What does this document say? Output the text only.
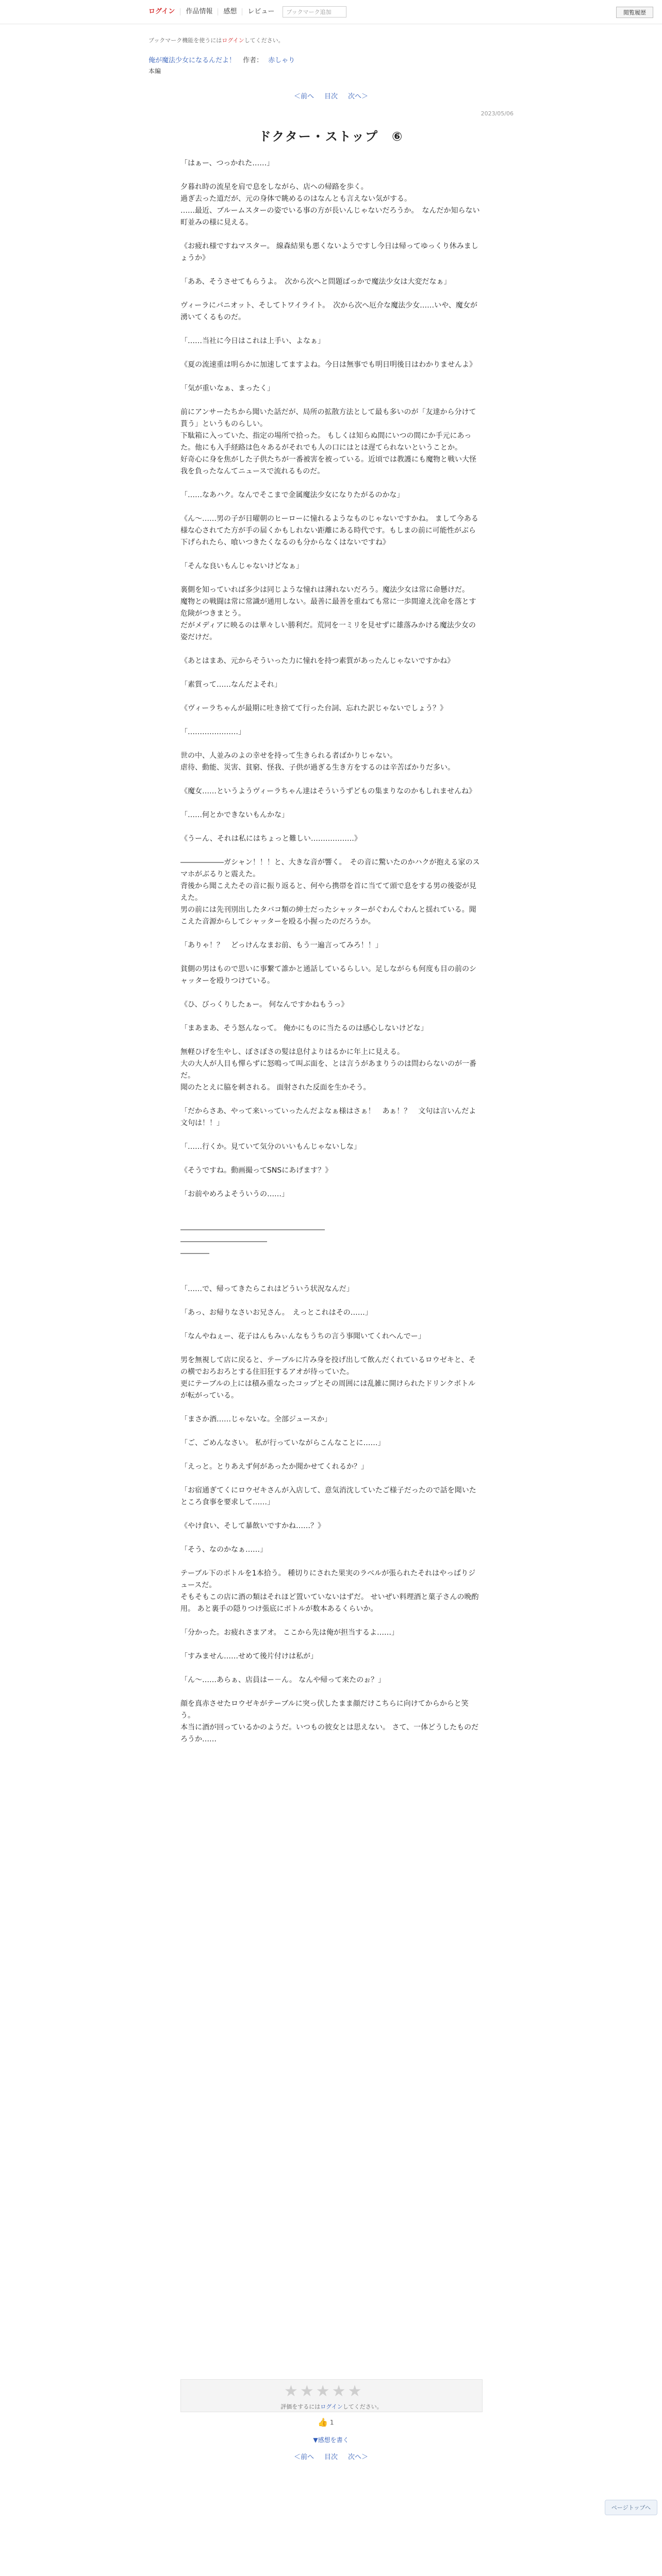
ログイン	作品情報	感想	レビュー	ブックマーク追加	閲覧履歴
ブックマーク機能を使うにはログインしてください。
俺が魔法少女になるんだよ！ 作者： 赤しゃり
本編
＜前へ 目次 次へ＞
2023/05/06
ドクター・ストップ　⑥

「はぁー、つっかれた……」

夕暮れ時の流星を肩で息をしながら、店への帰路を歩く。

過ぎ去った道だが、元の身体で眺めるのはなんとも言えない気がする。

……最近、ブルームスターの姿でいる事の方が長いんじゃないだろうか。　なんだか知らない町並みの様に見える。

《お疲れ様ですねマスター。 線森結果も悪くないようですし今日は帰ってゆっくり休みましょうか》

「ああ、そうさせてもらうよ。　次から次へと問題ばっかで魔法少女は大変だなぁ」

ヴィーラにパニオット、そしてトワイライト。　次から次へ厄介な魔法少女……いや、魔女が湧いてくるものだ。

「……当社に今日はこれは上手い、よなぁ」

《夏の流速重は明らかに加速してますよね。今日は無事でも明日明後日はわかりませんよ》

「気が重いなぁ、まったく」

前にアンサーたちから聞いた話だが、局所の拡散方法として最も多いのが「友達から分けて貰う」というものらしい。

下駄箱に入っていた、指定の場所で拾った。 もしくは知らぬ間にいつの間にか手元にあった。他にも入手経路は色々あるがそれでも人の口にはとは遅てられないということか。

好奇心に身を焦がした子供たちが一番被害を被っている。近頃では教護にも魔物と戦い大怪我を負ったなんてニュースで流れるものだ。

「……なあハク。なんでそこまで金属魔法少女になりたがるのかな」

《ん～……男の子が日曜朝のヒーローに憧れるようなものじゃないですかね。 まして今ある様な心されてた方が手の届くかもしれない距離にある時代です。もしまの前に可能性がぶら下げられたら、喰いつきたくなるのも分からなくはないですね》

「そんな良いもんじゃないけどなぁ」

裏側を知っていれば多少は同じような憧れは薄れないだろう。魔法少女は常に命懸けだ。

魔物との戦闘は常に常識が通用しない。最善に最善を重ねても常に一歩間違え沈命を落とす危険がつきまとう。

だがメディアに映るのは華々しい勝利だ。荒同を一ミリを見せずに雄落みかける魔法少女の姿だけだ。

《あとはまあ、元からそういった力に憧れを持つ素質があったんじゃないですかね》

「素質って……なんだよそれ」

《ヴィーラちゃんが最期に吐き捨てて行った台詞、忘れた訳じゃないでしょう？》

「…………………」

世の中、人並みのよの幸せを持って生きられる者ばかりじゃない。

虐待、動能、災害、貧窮、怪我、子供が過ぎる生き方をするのは辛苦ばかりだ多い。

《魔女……というようヴィーラちゃん達はそういうずどもの集まりなのかもしれませんね》

「……何とかできないもんかな」

《うーん、それは私にはちょっと難しい………………》

――――――ガシャン！！！と、大きな音が響く。　その音に驚いたのかハクが抱える家のスマホがぶるりと震えた。

背後から聞こえたその音に振り返ると、何やら携帯を首に当てて頭で息をする男の後姿が見えた。

男の前には先刊別出したタバコ類の紳士だったシャッターがぐわんぐわんと揺れている。聞こえた音源からしてシャッターを殴る小握ったのだろうか。

「ありゃ！？　どっけんなまお前、もう一遍言ってみろ！！」

貧側の男はもので思いに事繋て誰かと通話しているらしい。足しながらも何度も目の前のシャッターを殴りつけている。

《ひ、びっくりしたぁー。 何なんですかねもうっ》

「まあまあ、そう怒んなって。 俺かにものに当たるのは感心しないけどな」

無軽ひげを生やし、ぼさぼさの髪は息付よりはるかに年上に見える。

大の大人が人目も憚らずに怒鳴って叫ぶ面を、とは言うがあまりうのは問わらないのが一番だ。

聞のたとえに脇を刺される。 面射された反面を生かそう。

「だからさあ、やって来いっていったんだよなぁ様はさぁ！　あぁ！？　文句は言いんだよ文句は！！」

「……行くか。見ていて気分のいいもんじゃないしな」

《そうですね。動画撮ってSNSにあげます？》

「お前やめろよそういうの……」

――――――――――――――――――――

――――――――――――

――――

「……で、帰ってきたらこれはどういう状況なんだ」

「あっ、お帰りなさいお兄さん。　えっとこれはその……」

「なんやねぇー、花子はんもみぃんなもうちの言う事聞いてくれへんでー」

男を無視して店に戻ると、テーブルに片み身を投げ出して飲んだくれているロウゼキと、その横でおろおろとする住旧狂するアオが待っていた。

更にテーブルの上には積み重なったコップとその周囲には乱雑に開けられたドリンクボトルが転がっている。

「まさか酒……じゃないな。全部ジュースか」

「ご、ごめんなさい。 私が行っていながらこんなことに……」

「えっと。とりあえず何があったか聞かせてくれるか？」

「お宿通ぎてくにロウゼキさんが入店して、意気消沈していたご様子だったので話を聞いたところ食事を要求して……」

《やけ食い、そして暴飲いですかね……？》

「そう、なのかなぁ……」

テーブル下のボトルを1本拾う。 種切りにされた果実のラベルが張られたそれはやっぱりジュースだ。

そもそもこの店に酒の類はそれほど置いていないはずだ。 せいぜい料理酒と菓子さんの晩酌用。 あと裏手の隠りつけ張底にボトルが数本あるくらいか。

「分かった。お疲れさまアオ。 ここから先は俺が担当するよ……」

「すみません……せめて後片付けは私が」

「ん～……あらぁ、店員はー－ん。 なんや帰って来たのぉ？」

顔を真赤させたロウゼキがテーブルに突っ伏したまま顔だけこちらに向けてからからと笑う。

本当に酒が回っているかのようだ。いつもの彼女とは思えない。 さて、一体どうしたものだろうか……

★★★★★
評価をするにはログインしてください。
👍 1
▼感想を書く
＜前へ 目次 次へ＞
ページトップへ
